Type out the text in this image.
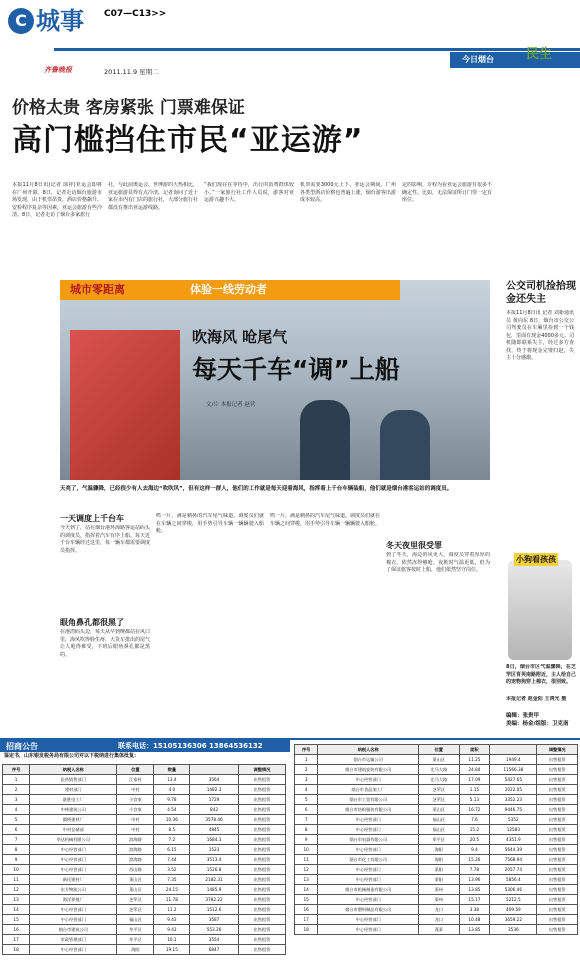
C 城事 C07—C13>>
今日烟台 民生
齐鲁晚报	2011.11.9 星期二
价格太贵 客房紧张 门票难保证
高门槛挡住市民“亚运游”
本报11月8日讯(记者 邱祥)亚运会即将在广州开幕，8日，记者走访烟台旅游市场发现，由于机票昂贵、酒店价格飙升、安检程序复杂等因素，亚运会旅游有些冷清。8日，记者走访了烟台多家旅行
社，与此前奥运会、世博游的大热相比，亚运旅游显得有点冷清。记者询问了近十家在市内有门店的旅行社，大部分旅行社都没有推出亚运游线路。
“我们现在在等待中，出行的消费群体较小。”一家旅行社工作人员说，游客对亚运游兴趣不大。
机票需要3000元上下，亚运会期间，广州各类型酒店价格也普遍上涨，烟台游客出游成本较高。
定的影响，专程为看亚运会旅游有很多不确定性。比如，无法保证所订门票一定有座位。
城市零距离	体验一线劳动者
吹海风 呛尾气
每天千车“调”上船
文/片 本报记者 赵营
天亮了，气温骤降，已经很少有人去海边“吹吹风”，但有这样一群人，他们的工作就是每天迎着海风，指挥着上千台车辆装船，他们就是烟台港客运站的调度员。
一天调度上千台车
今天到了，站在烟台港环海路客运站码头的调度员，指挥着汽车有序上船。每天近千台车辆经过这里，每一辆车都需要调度员指挥。
眼角鼻孔都很黑了
在港湾码头边，每天从早到晚都站在风口里，海风吹得脸生疼，大货车排出的尾气让人呛得难受，下班后眼角鼻孔都是黑的。
鸣一片，满是刺鼻的汽车尾气味道。调度员们就在车辆之间穿梭，用手势引导车辆一辆辆驶入船舱。
鸣一片，满是刺鼻的汽车尾气味道。调度员们就在车辆之间穿梭，用手势引导车辆一辆辆驶入船舱。
冬天夜里很受罪
到了冬天，海边的风更大，调度员穿着厚厚的棉衣，依然冻得够呛。夜班时气温更低，但为了保证旅客按时上船，他们依然坚守岗位。
公交司机捡拾现金还失主
本报11月8日讯 记者 刘新通讯员 黄向东 8日，烟台市公交公司驾驶员在车厢里捡到一个钱包，里面有现金4000多元。司机随即联系失主，经过多方查找，终于将现金完璧归赵，失主十分感激。
小狗看孩孩
8日，烟台市区气温骤降，在芝罘区育英南路附近，主人给自己的宠物狗穿上棉衣，很别致。
本报记者 赵金阳 王鸿光 摄
编辑：张贵甲
美编：杨金/组版：卫克南
招商公告	联系电话：15105136306 13864536132
鉴定书，山东银发税务局有限公司对以下税纳进行集体批复：
序号	纳税人名称	位置	数量		调整情况
1	医药销售部门	江家村	13.4	3564	出售租赁
2	建材部门	中村	4.0	1482.3	出售租赁
3	联胜电工厂	小宫家	9.78	1729	出售租赁
4	中林建筑公司	小宫家	4.54	842	出售租赁
5	圆桥建材厂	中村	10.36	3578.46	出售租赁
6	中村仓储部	中村	8.5	4845	出售租赁
7	华达机械有限公司	滨海路	7.2	1684.3	出售租赁
8	中心经营部门	滨海路	6.15	1523	出售租赁
9	中心经营部门	滨海路	7.44	3513.4	出售租赁
10	中心经营部门	西山路	3.52	1526.8	出售租赁
11	新民建材厂	莱山区	7.35	2182.31	出售租赁
12	东方物流公司	莱山区	24.15	1485.9	出售租赁
13	海洋养殖厂	芝罘区	11.78	3782.22	出售租赁
14	中心经营部门	芝罘区	11.2	1512.6	出售租赁
15	中心经营部门	福山区	9.43	3587	出售租赁
16	烟台市建筑公司	牟平区	9.43	553.26	出售租赁
17	市政管理部门	牟平区	10.1	3554	出售租赁
18	中心经营部门	海阳	19.15	6847	出售租赁
序号	纳税人名称	位置	面积		调整情况
1	烟台市运输公司	莱山区	11.25	1949.4	出售租赁
2	烟台市建筑安装有限公司	北马大路	24.84	11566.38	出售租赁
3	中心经营部门	北马大路	17.09	5427.65	出售租赁
4	烟台市食品加工厂	芝罘区	1.15	1022.05	出售租赁
5	烟台市工贸有限公司	芝罘区	5.13	3352.23	出售租赁
6	烟台市纺织服装有限公司	莱山区	16.72	9446.75	出售租赁
7	中心经营部门	福山区	7.6	5352	出售租赁
8	中心经营部门	福山区	15.2	12583	出售租赁
9	烟台市电器有限公司	牟平区	20.5	4351.9	出售租赁
10	中心经营部门	海阳	9.4	5644.39	出售租赁
11	烟台市化工有限公司	海阳	15.26	7568.94	出售租赁
12	中心经营部门	莱阳	7.78	2057.74	出售租赁
13	中心经营部门	莱阳	13.96	5856.4	出售租赁
14	烟台市机械制造有限公司	莱州	13.85	5306.46	出售租赁
15	中心经营部门	莱州	15.17	5212.5	出售租赁
16	烟台市塑料制品有限公司	龙口	3.38	409.59	出售租赁
17	中心经营部门	龙口	10.48	3659.22	出售租赁
18	中心经营部门	蓬莱	13.85	3536	出售租赁
